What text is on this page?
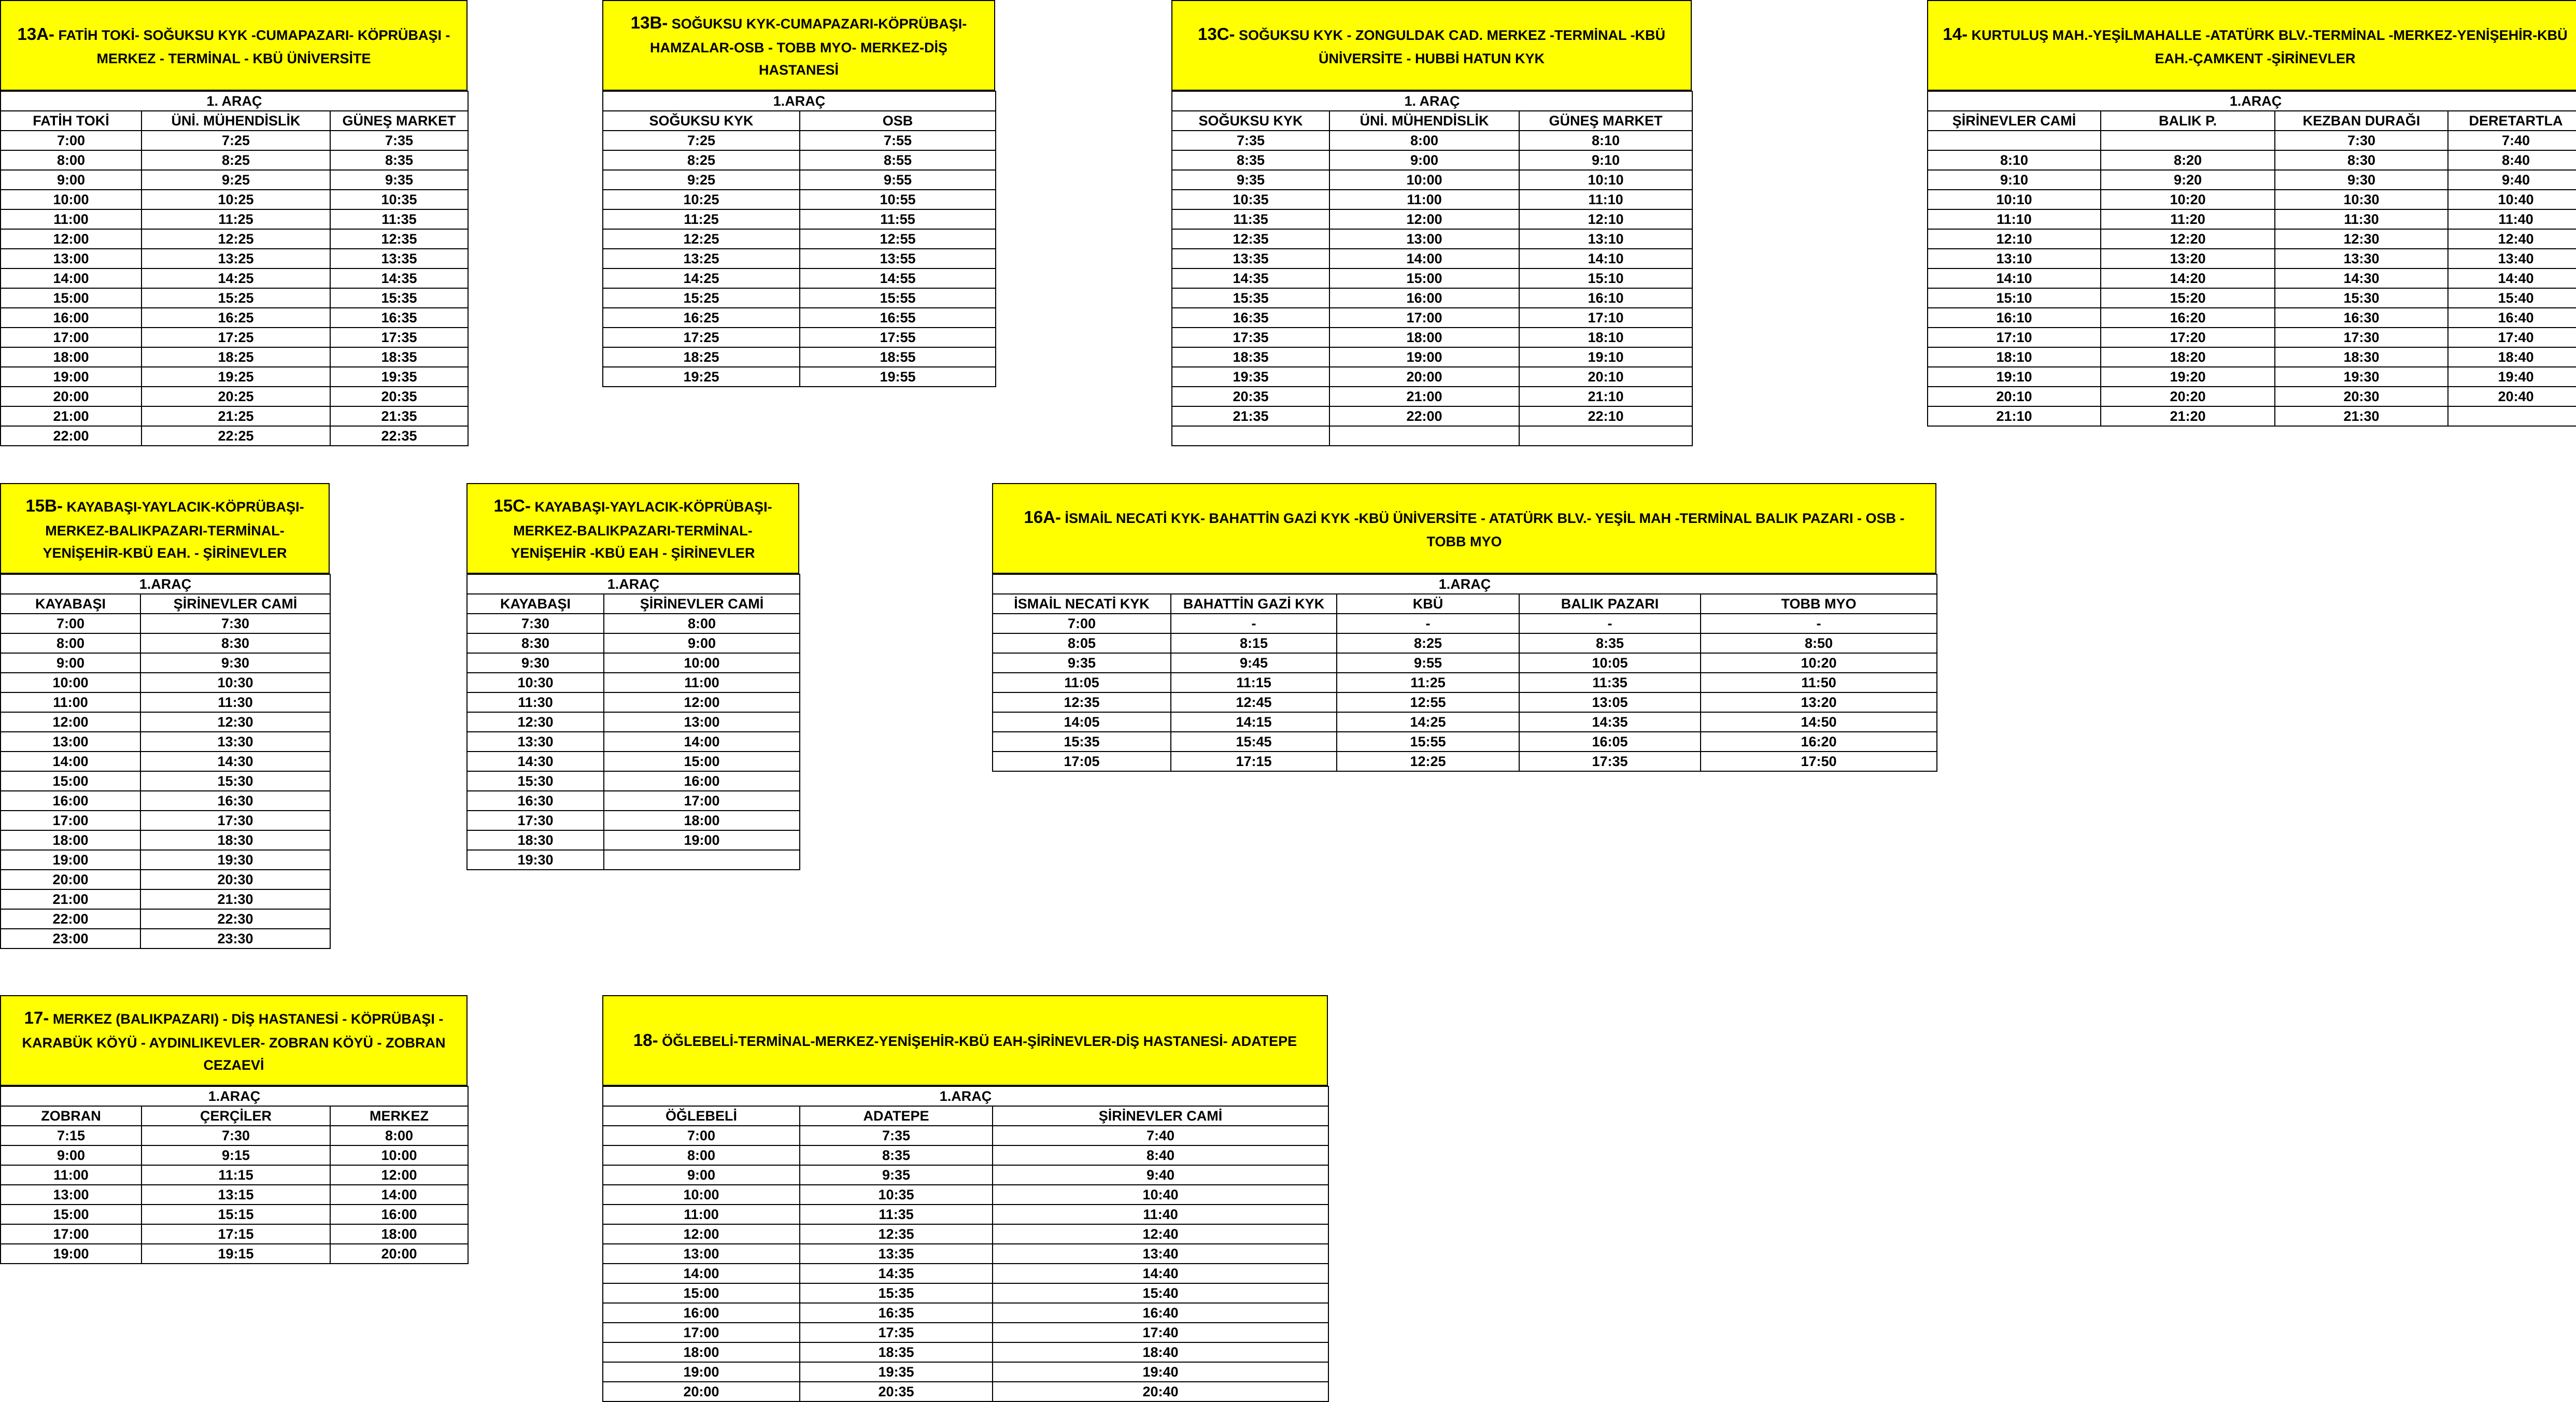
13A- FATİH TOKİ- SOĞUKSU KYK -CUMAPAZARI- KÖPRÜBAŞI - MERKEZ - TERMİNAL - KBÜ ÜNİVERSİTE
1. ARAÇ		
FATİH TOKİ	ÜNİ. MÜHENDİSLİK	GÜNEŞ MARKET
7:00	7:25	7:35
8:00	8:25	8:35
9:00	9:25	9:35
10:00	10:25	10:35
11:00	11:25	11:35
12:00	12:25	12:35
13:00	13:25	13:35
14:00	14:25	14:35
15:00	15:25	15:35
16:00	16:25	16:35
17:00	17:25	17:35
18:00	18:25	18:35
19:00	19:25	19:35
20:00	20:25	20:35
21:00	21:25	21:35
22:00	22:25	22:35
13B- SOĞUKSU KYK-CUMAPAZARI-KÖPRÜBAŞI-HAMZALAR-OSB - TOBB MYO- MERKEZ-DİŞ HASTANESİ
1.ARAÇ	
SOĞUKSU KYK	OSB
7:25	7:55
8:25	8:55
9:25	9:55
10:25	10:55
11:25	11:55
12:25	12:55
13:25	13:55
14:25	14:55
15:25	15:55
16:25	16:55
17:25	17:55
18:25	18:55
19:25	19:55
13C- SOĞUKSU KYK - ZONGULDAK CAD. MERKEZ -TERMİNAL -KBÜ ÜNİVERSİTE - HUBBİ HATUN KYK
1. ARAÇ		
SOĞUKSU KYK	ÜNİ. MÜHENDİSLİK	GÜNEŞ MARKET
7:35	8:00	8:10
8:35	9:00	9:10
9:35	10:00	10:10
10:35	11:00	11:10
11:35	12:00	12:10
12:35	13:00	13:10
13:35	14:00	14:10
14:35	15:00	15:10
15:35	16:00	16:10
16:35	17:00	17:10
17:35	18:00	18:10
18:35	19:00	19:10
19:35	20:00	20:10
20:35	21:00	21:10
21:35	22:00	22:10

14- KURTULUŞ MAH.-YEŞİLMAHALLE -ATATÜRK BLV.-TERMİNAL -MERKEZ-YENİŞEHİR-KBÜ EAH.-ÇAMKENT -ŞİRİNEVLER
1.ARAÇ			
ŞİRİNEVLER CAMİ	BALIK P.	KEZBAN DURAĞI	DERETARTLA
		7:30	7:40
8:10	8:20	8:30	8:40
9:10	9:20	9:30	9:40
10:10	10:20	10:30	10:40
11:10	11:20	11:30	11:40
12:10	12:20	12:30	12:40
13:10	13:20	13:30	13:40
14:10	14:20	14:30	14:40
15:10	15:20	15:30	15:40
16:10	16:20	16:30	16:40
17:10	17:20	17:30	17:40
18:10	18:20	18:30	18:40
19:10	19:20	19:30	19:40
20:10	20:20	20:30	20:40
21:10	21:20	21:30	
15B- KAYABAŞI-YAYLACIK-KÖPRÜBAŞI-MERKEZ-BALIKPAZARI-TERMİNAL-YENİŞEHİR-KBÜ EAH. - ŞİRİNEVLER
1.ARAÇ	
KAYABAŞI	ŞİRİNEVLER CAMİ
7:00	7:30
8:00	8:30
9:00	9:30
10:00	10:30
11:00	11:30
12:00	12:30
13:00	13:30
14:00	14:30
15:00	15:30
16:00	16:30
17:00	17:30
18:00	18:30
19:00	19:30
20:00	20:30
21:00	21:30
22:00	22:30
23:00	23:30
15C- KAYABAŞI-YAYLACIK-KÖPRÜBAŞI-MERKEZ-BALIKPAZARI-TERMİNAL-YENİŞEHİR -KBÜ EAH - ŞİRİNEVLER
1.ARAÇ	
KAYABAŞI	ŞİRİNEVLER CAMİ
7:30	8:00
8:30	9:00
9:30	10:00
10:30	11:00
11:30	12:00
12:30	13:00
13:30	14:00
14:30	15:00
15:30	16:00
16:30	17:00
17:30	18:00
18:30	19:00
19:30	
16A- İSMAİL NECATİ KYK- BAHATTİN GAZİ KYK -KBÜ ÜNİVERSİTE - ATATÜRK BLV.- YEŞİL MAH -TERMİNAL BALIK PAZARI - OSB - TOBB MYO
1.ARAÇ				
İSMAİL NECATİ KYK	BAHATTİN GAZİ KYK	KBÜ	BALIK PAZARI	TOBB MYO
7:00	-	-	-	-
8:05	8:15	8:25	8:35	8:50
9:35	9:45	9:55	10:05	10:20
11:05	11:15	11:25	11:35	11:50
12:35	12:45	12:55	13:05	13:20
14:05	14:15	14:25	14:35	14:50
15:35	15:45	15:55	16:05	16:20
17:05	17:15	12:25	17:35	17:50
17- MERKEZ (BALIKPAZARI) - DİŞ HASTANESİ - KÖPRÜBAŞI - KARABÜK KÖYÜ - AYDINLIKEVLER- ZOBRAN KÖYÜ - ZOBRAN CEZAEVİ
1.ARAÇ		
ZOBRAN	ÇERÇİLER	MERKEZ
7:15	7:30	8:00
9:00	9:15	10:00
11:00	11:15	12:00
13:00	13:15	14:00
15:00	15:15	16:00
17:00	17:15	18:00
19:00	19:15	20:00
18- ÖĞLEBELİ-TERMİNAL-MERKEZ-YENİŞEHİR-KBÜ EAH-ŞİRİNEVLER-DİŞ HASTANESİ- ADATEPE
1.ARAÇ		
ÖĞLEBELİ	ADATEPE	ŞİRİNEVLER CAMİ
7:00	7:35	7:40
8:00	8:35	8:40
9:00	9:35	9:40
10:00	10:35	10:40
11:00	11:35	11:40
12:00	12:35	12:40
13:00	13:35	13:40
14:00	14:35	14:40
15:00	15:35	15:40
16:00	16:35	16:40
17:00	17:35	17:40
18:00	18:35	18:40
19:00	19:35	19:40
20:00	20:35	20:40
